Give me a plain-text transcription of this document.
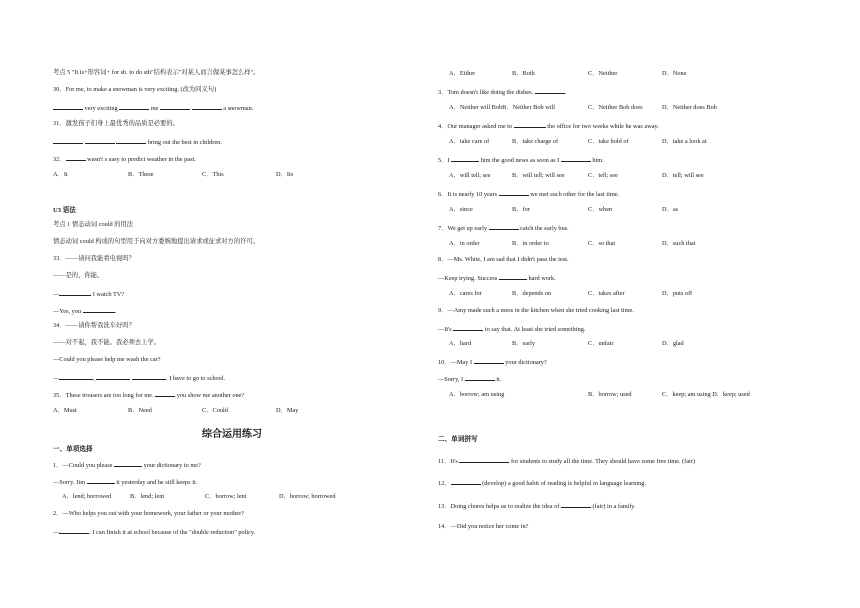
考点 5 "It is+形容词+ for sb. to do sth"结构表示"对某人而言做某事怎么样"。
30．For me, to make a snowman is very exciting. (改为同义句)
very exciting	me	a snowman.
31．激发孩子们身上最优秀的品质是必要的。
bring out the best in children.
32．	wasn't s easy to predict weather in the past.
A．It	B．These	C．This	D．Its
U3 语法
考点 1 情态动词 could 的用法
情态动词 could 构成的句型用于向对方委婉地提出请求或征求对方的许可。
33．——请问我能看电视吗？
——是的，你能。
—	I watch TV?
—Yes, you	.
34．——请你帮我洗车好吗？
——对不起，我不能。我必须去上学。
—Could you please help me wash the car?
—	,	. I have to go to school.
35．These trousers are too long for me.	you show me another one?
A．Must	B．Need	C．Could	D．May
综合运用练习
一、单项选择
1．—Could you please	your dictionary to me?
—Sorry. Jim	it yesterday and he still keeps it.
A．lend; borrowed	B．lend; lent	C．borrow; lent	D．borrow; borrowed
2．—Who helps you out with your homework, your father or your mother?
—	. I can finish it at school because of the "double reduction" policy.
A．Either	B．Both	C．Neither	D．None
3．Tom doesn't like doing the dishes.	.
A．Neither will BobB．Neither Bob will	C．Neither Bob does	D．Neither does Bob
4．Our manager asked me to	the office for two weeks while he was away.
A．take care of	B．take charge of	C．take hold of	D．take a look at
5．I	him the good news as soon as I	him.
A．will tell; see	B．will tell; will see	C．tell; see	D．tell; will see
6．It is nearly 10 years	we met each other for the last time.
A．since	B．for	C．when	D．as
7．We get up early	catch the early bus.
A．in order	B．in order to	C．so that	D．such that
8．—Ms. White, I am sad that I didn't pass the test.
—Keep trying. Success	hard work.
A．cares for	B．depends on	C．takes after	D．puts off
9．—Amy made such a mess in the kitchen when she tried cooking last time.
—It's	to say that. At least she tried something.
A．hard	B．early	C．unfair	D．glad
10．—May I	your dictionary?
—Sorry, I	it.
A．borrow; am using	B．borrow; used	C．keep; am using D．keep; used
二、单词拼写
11．It's	for students to study all the time. They should have some free time. (fair)
12．	(develop) a good habit of reading is helpful in language learning.
13．Doing chores helps us to realize the idea of	(fair) in a family.
14．—Did you notice her come in?
